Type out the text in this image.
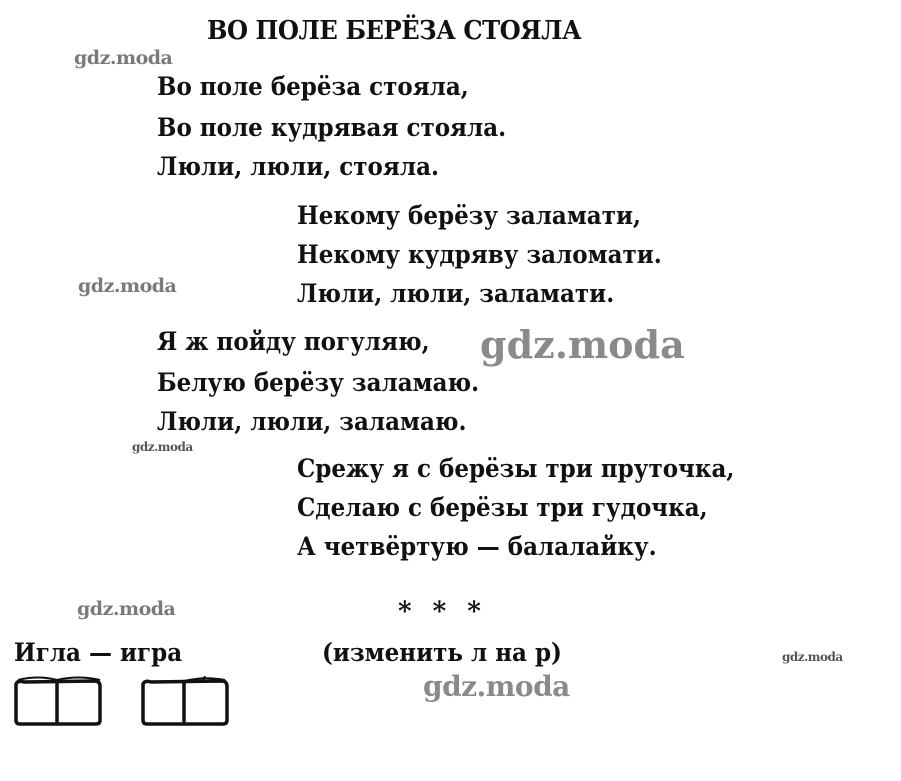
ВО ПОЛЕ БЕРЁЗА СТОЯЛА
Во поле берёза стояла,
Во поле кудрявая стояла.
Люли, люли, стояла.
Некому берёзу заламати,
Некому кудряву заломати.
Люли, люли, заламати.
Я ж пойду погуляю,
Белую берёзу заламаю.
Люли, люли, заламаю.
Срежу я с берёзы три пруточка,
Сделаю с берёзы три гудочка,
А четвёртую — балалайку.
* * *
Игла — игра	(изменить л на р)
gdz.moda
gdz.moda
gdz.moda
gdz.moda
gdz.moda
gdz.moda
gdz.moda
